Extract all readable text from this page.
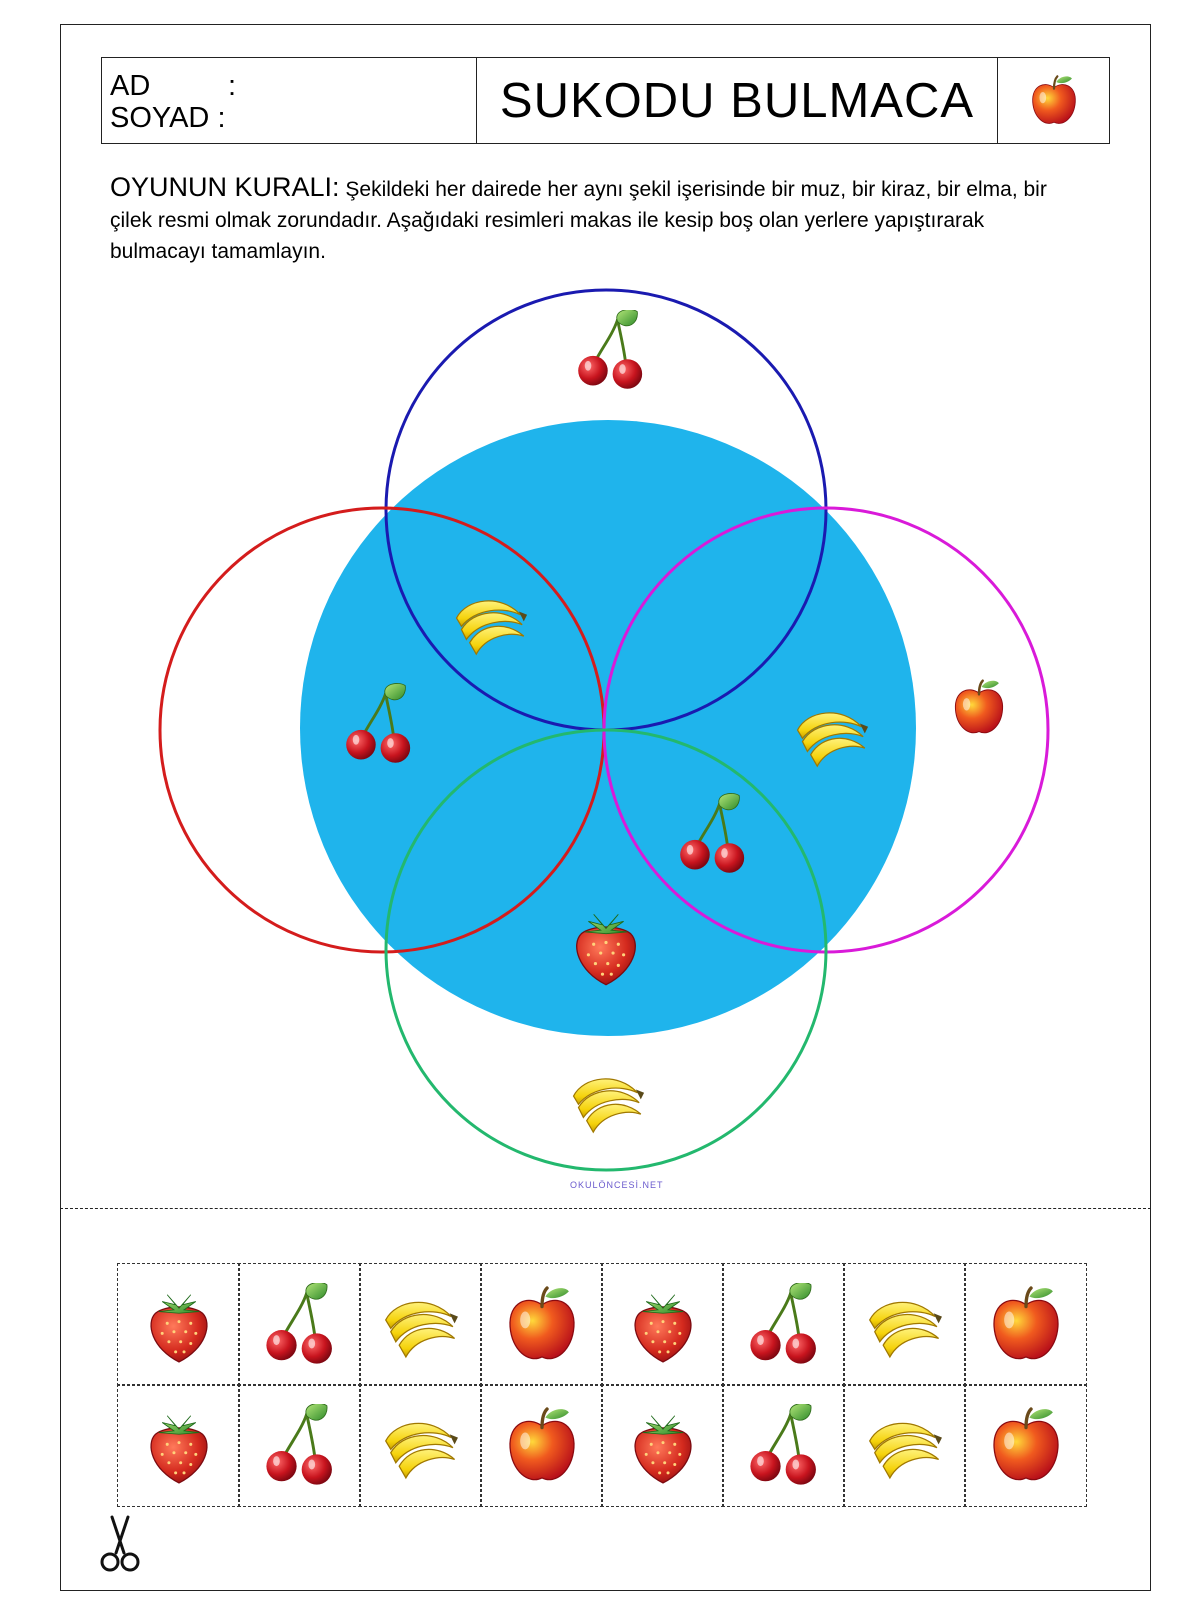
AD	:
SOYAD
:	SUKODU BULMACA
OYUNUN KURALI: Şekildeki her dairede her aynı şekil işerisinde bir muz, bir kiraz, bir elma, bir çilek resmi olmak zorundadır. Aşağıdaki resimleri makas ile kesip boş olan yerlere yapıştırarak bulmacayı tamamlayın.
OKULÖNCESİ.NET
